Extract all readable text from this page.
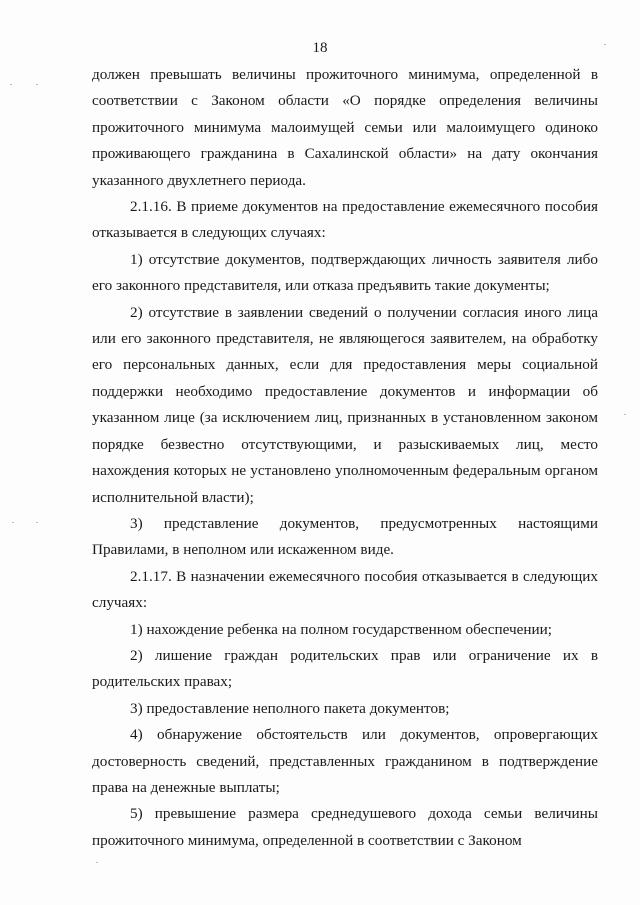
18

должен превышать величины прожиточного минимума, определенной в соответствии с Законом области «О порядке определения величины прожиточного минимума малоимущей семьи или малоимущего одиноко проживающего гражданина в Сахалинской области» на дату окончания указанного двухлетнего периода.

2.1.16. В приеме документов на предоставление ежемесячного пособия отказывается в следующих случаях:

1) отсутствие документов, подтверждающих личность заявителя либо его законного представителя, или отказа предъявить такие документы;

2) отсутствие в заявлении сведений о получении согласия иного лица или его законного представителя, не являющегося заявителем, на обработку его персональных данных, если для предоставления меры социальной поддержки необходимо предоставление документов и информации об указанном лице (за исключением лиц, признанных в установленном законом порядке безвестно отсутствующими, и разыскиваемых лиц, место нахождения которых не установлено уполномоченным федеральным органом исполнительной власти);

3) представление документов, предусмотренных настоящими Правилами, в неполном или искаженном виде.

2.1.17. В назначении ежемесячного пособия отказывается в следующих случаях:

1) нахождение ребенка на полном государственном обеспечении;

2) лишение граждан родительских прав или ограничение их в родительских правах;

3) предоставление неполного пакета документов;

4) обнаружение обстоятельств или документов, опровергающих достоверность сведений, представленных гражданином в подтверждение права на денежные выплаты;

5) превышение размера среднедушевого дохода семьи величины прожиточного минимума, определенной в соответствии с Законом
